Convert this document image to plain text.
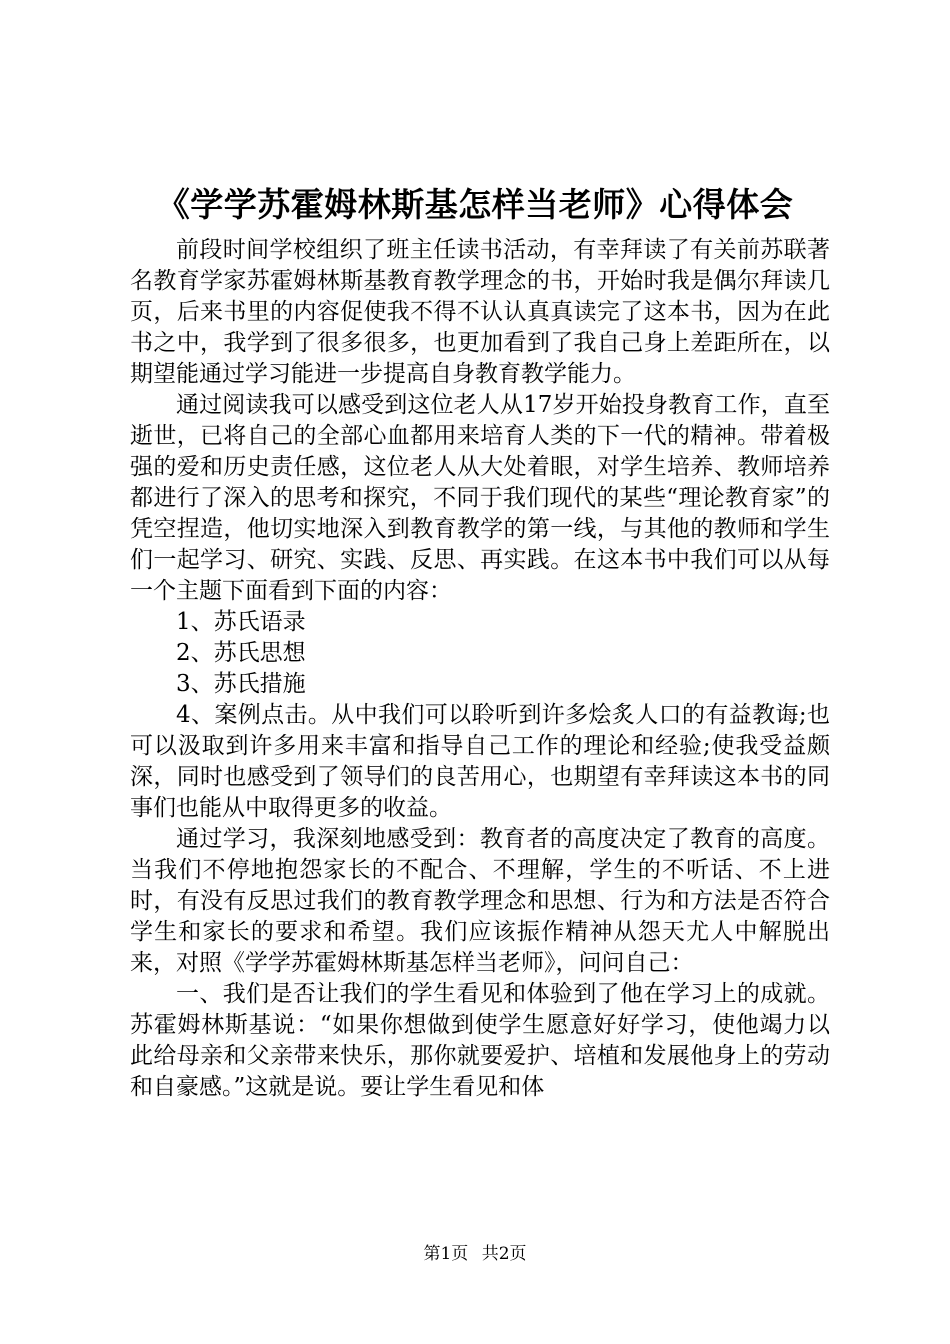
《学学苏霍姆林斯基怎样当老师》心得体会

前段时间学校组织了班主任读书活动，有幸拜读了有关前苏联著名教育学家苏霍姆林斯基教育教学理念的书，开始时我是偶尔拜读几页，后来书里的内容促使我不得不认认真真读完了这本书，因为在此书之中，我学到了很多很多，也更加看到了我自己身上差距所在，以期望能通过学习能进一步提高自身教育教学能力。

通过阅读我可以感受到这位老人从17岁开始投身教育工作，直至逝世，已将自己的全部心血都用来培育人类的下一代的精神。带着极强的爱和历史责任感，这位老人从大处着眼，对学生培养、教师培养都进行了深入的思考和探究，不同于我们现代的某些“理论教育家”的凭空捏造，他切实地深入到教育教学的第一线，与其他的教师和学生们一起学习、研究、实践、反思、再实践。在这本书中我们可以从每一个主题下面看到下面的内容：

1、苏氏语录

2、苏氏思想

3、苏氏措施

4、案例点击。从中我们可以聆听到许多烩炙人口的有益教诲;也可以汲取到许多用来丰富和指导自己工作的理论和经验;使我受益颇深，同时也感受到了领导们的良苦用心，也期望有幸拜读这本书的同事们也能从中取得更多的收益。

通过学习，我深刻地感受到：教育者的高度决定了教育的高度。当我们不停地抱怨家长的不配合、不理解，学生的不听话、不上进时，有没有反思过我们的教育教学理念和思想、行为和方法是否符合学生和家长的要求和希望。我们应该振作精神从怨天尤人中解脱出来，对照《学学苏霍姆林斯基怎样当老师》，问问自己：

一、我们是否让我们的学生看见和体验到了他在学习上的成就。苏霍姆林斯基说：“如果你想做到使学生愿意好好学习，使他竭力以此给母亲和父亲带来快乐，那你就要爱护、培植和发展他身上的劳动和自豪感。”这就是说。要让学生看见和体

第1页 共2页
